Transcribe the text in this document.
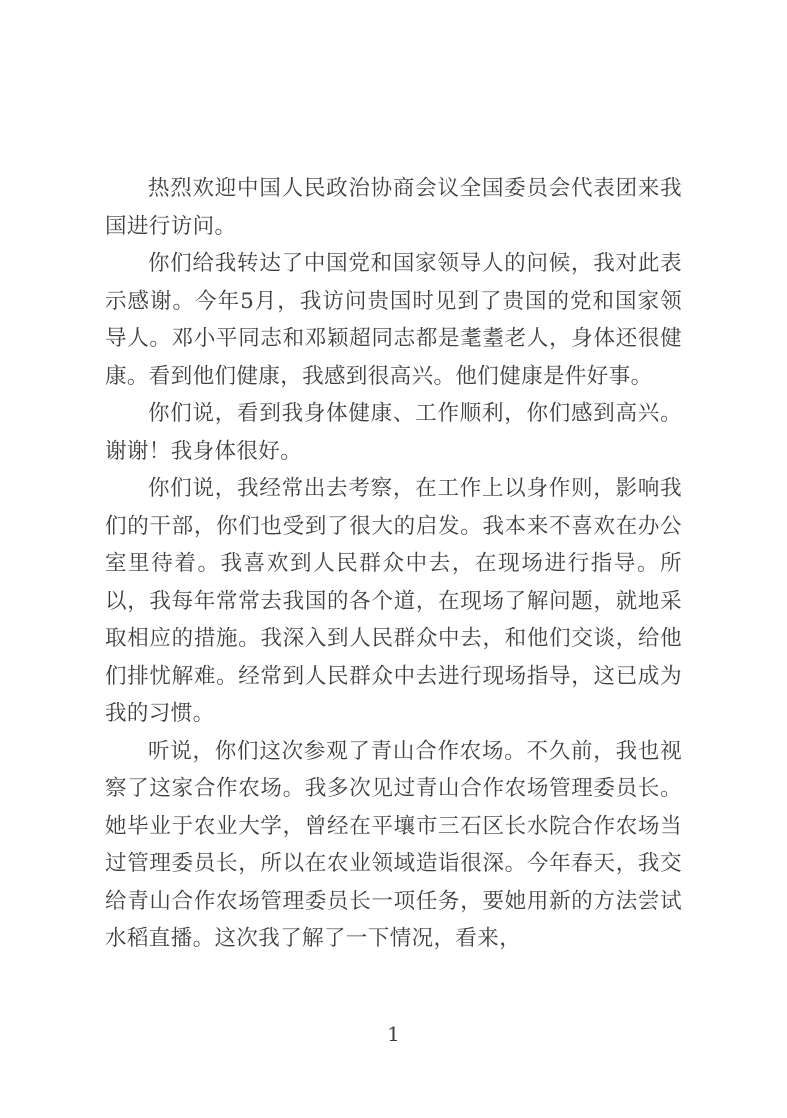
热烈欢迎中国人民政治协商会议全国委员会代表团来我国进行访问。

你们给我转达了中国党和国家领导人的问候，我对此表示感谢。今年5月，我访问贵国时见到了贵国的党和国家领导人。邓小平同志和邓颖超同志都是耄耋老人，身体还很健康。看到他们健康，我感到很高兴。他们健康是件好事。

你们说，看到我身体健康、工作顺利，你们感到高兴。谢谢！我身体很好。

你们说，我经常出去考察，在工作上以身作则，影响我们的干部，你们也受到了很大的启发。我本来不喜欢在办公室里待着。我喜欢到人民群众中去，在现场进行指导。所以，我每年常常去我国的各个道，在现场了解问题，就地采取相应的措施。我深入到人民群众中去，和他们交谈，给他们排忧解难。经常到人民群众中去进行现场指导，这已成为我的习惯。

听说，你们这次参观了青山合作农场。不久前，我也视察了这家合作农场。我多次见过青山合作农场管理委员长。她毕业于农业大学，曾经在平壤市三石区长水院合作农场当过管理委员长，所以在农业领域造诣很深。今年春天，我交给青山合作农场管理委员长一项任务，要她用新的方法尝试水稻直播。这次我了解了一下情况，看来，

1
